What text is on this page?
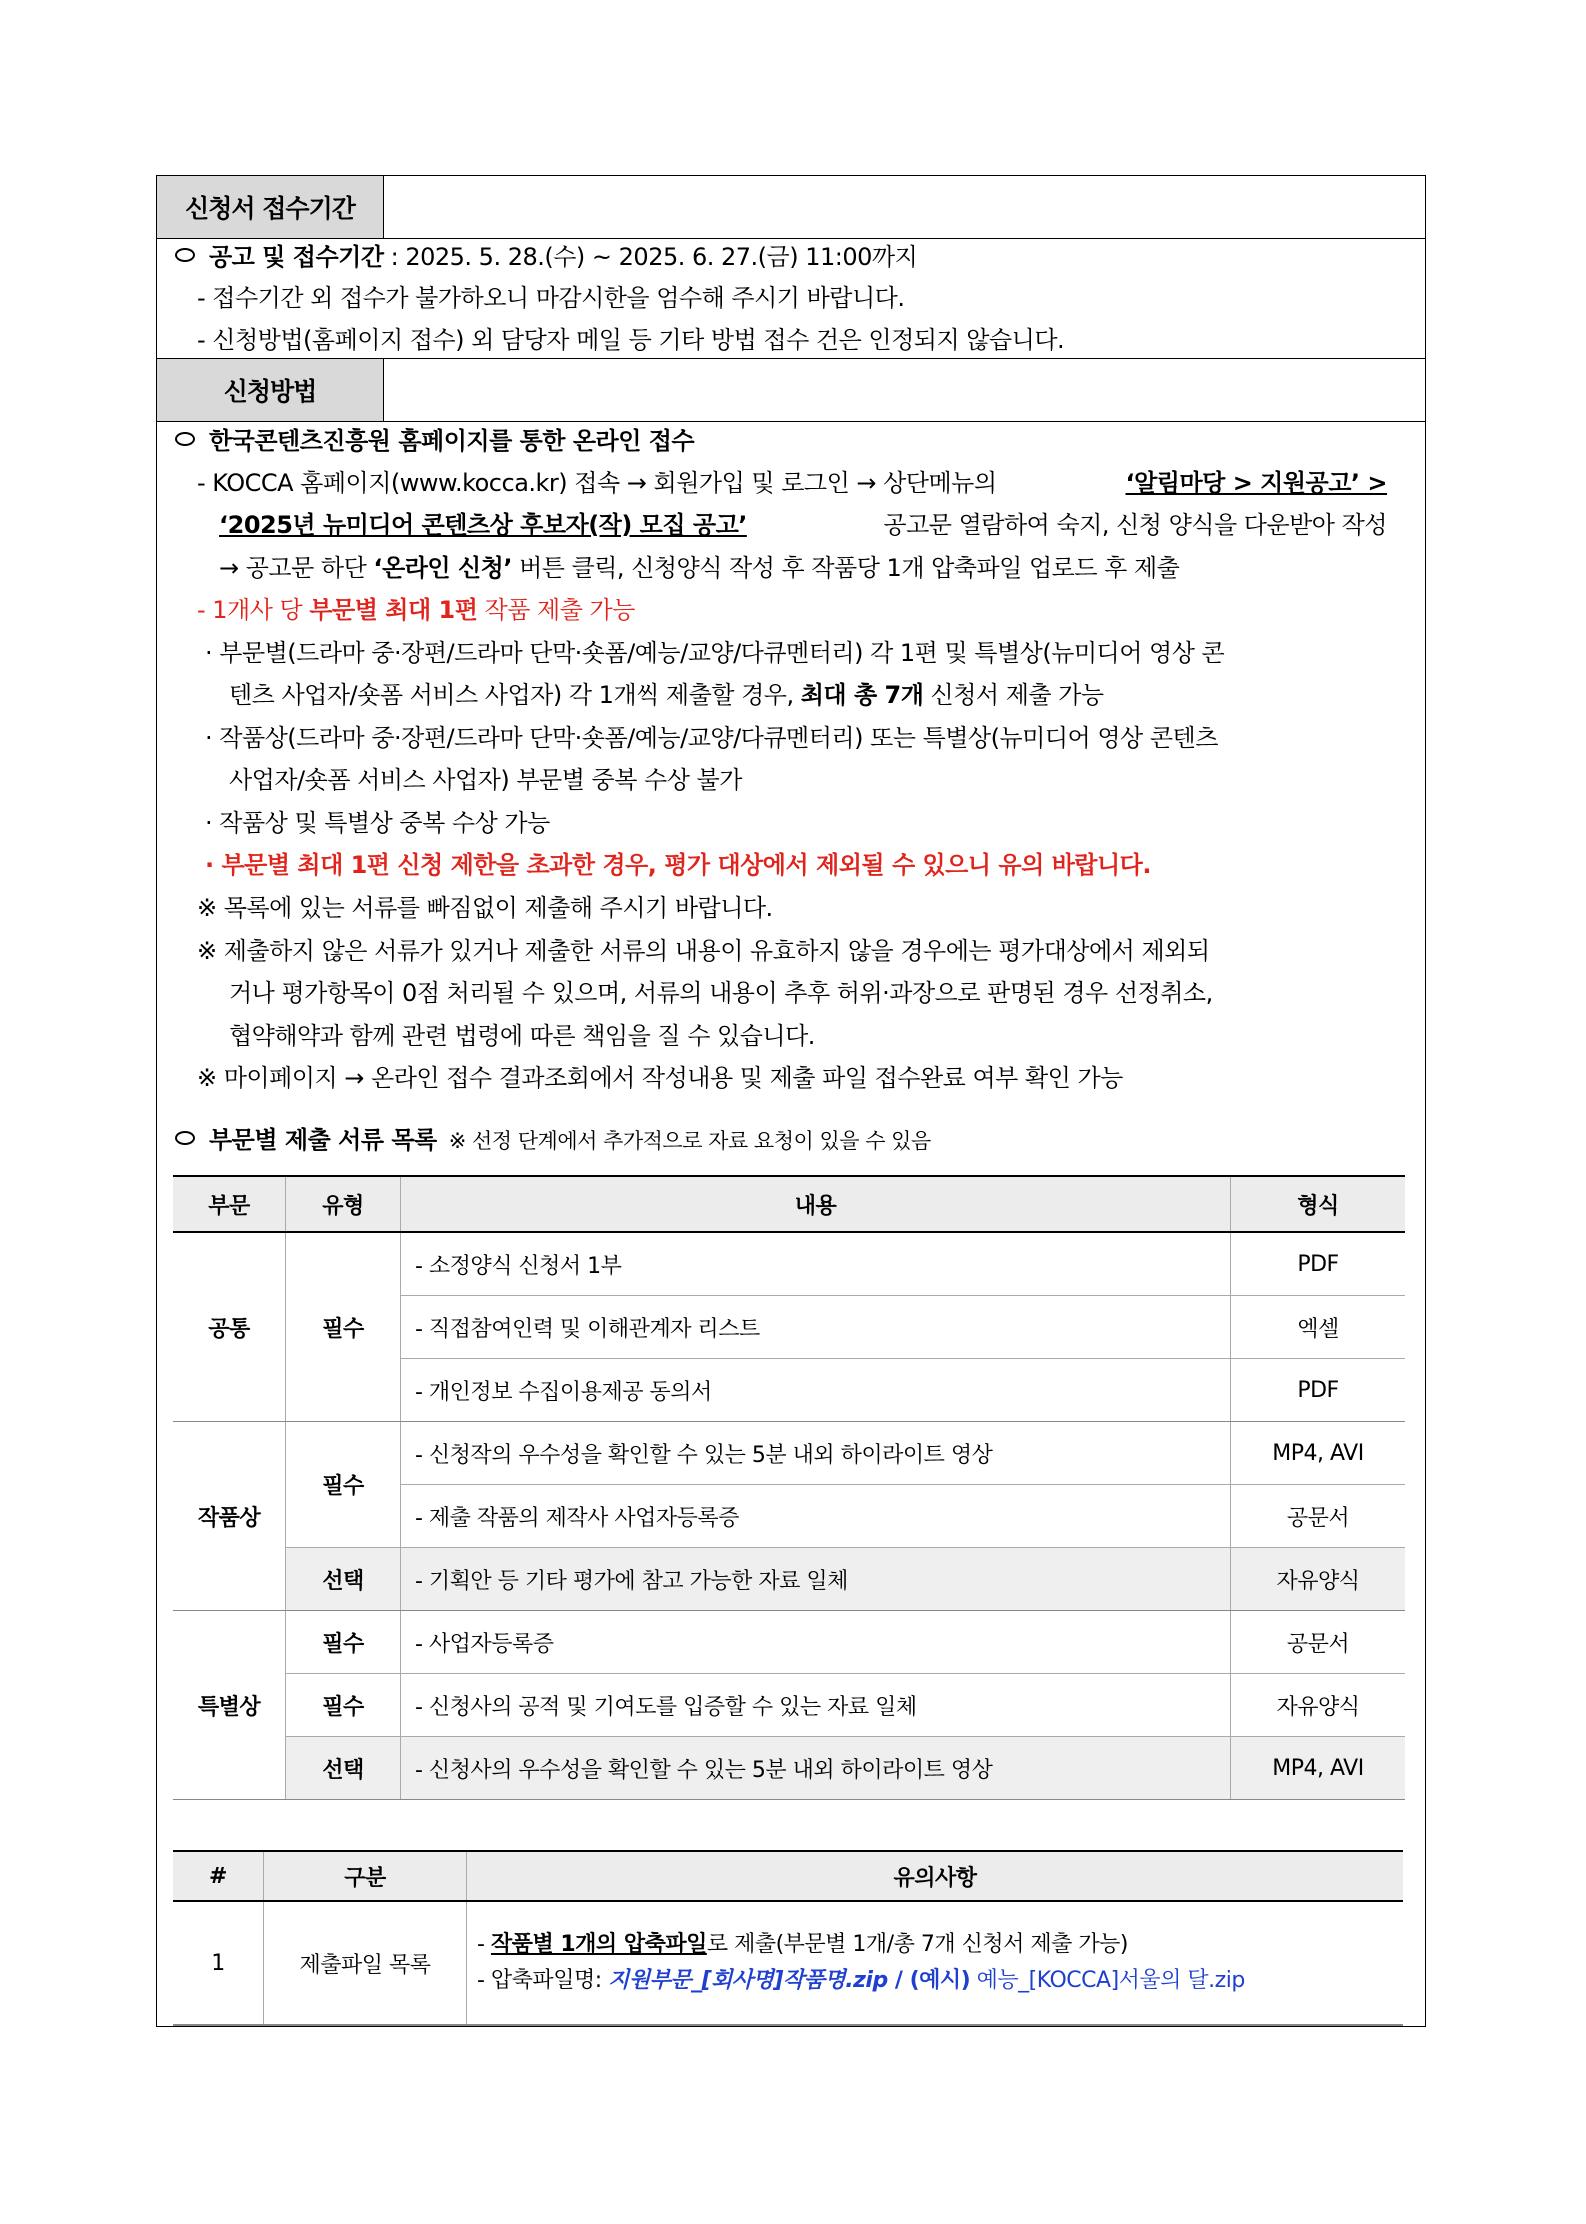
신청서 접수기간
공고 및 접수기간 : 2025. 5. 28.(수) ~ 2025. 6. 27.(금) 11:00까지
- 접수기간 외 접수가 불가하오니 마감시한을 엄수해 주시기 바랍니다.
- 신청방법(홈페이지 접수) 외 담당자 메일 등 기타 방법 접수 건은 인정되지 않습니다.
신청방법
한국콘텐츠진흥원 홈페이지를 통한 온라인 접수
- KOCCA 홈페이지(www.kocca.kr) 접속 → 회원가입 및 로그인 → 상단메뉴의	‘알림마당 > 지원공고’ >
‘2025년 뉴미디어 콘텐츠상 후보자(작) 모집 공고’	공고문 열람하여 숙지, 신청 양식을 다운받아 작성
→ 공고문 하단 ‘온라인 신청’ 버튼 클릭, 신청양식 작성 후 작품당 1개 압축파일 업로드 후 제출
- 1개사 당 부문별 최대 1편 작품 제출 가능
· 부문별(드라마 중·장편/드라마 단막·숏폼/예능/교양/다큐멘터리) 각 1편 및 특별상(뉴미디어 영상 콘
텐츠 사업자/숏폼 서비스 사업자) 각 1개씩 제출할 경우, 최대 총 7개 신청서 제출 가능
· 작품상(드라마 중·장편/드라마 단막·숏폼/예능/교양/다큐멘터리) 또는 특별상(뉴미디어 영상 콘텐츠
사업자/숏폼 서비스 사업자) 부문별 중복 수상 불가
· 작품상 및 특별상 중복 수상 가능
· 부문별 최대 1편 신청 제한을 초과한 경우, 평가 대상에서 제외될 수 있으니 유의 바랍니다.
※ 목록에 있는 서류를 빠짐없이 제출해 주시기 바랍니다.
※ 제출하지 않은 서류가 있거나 제출한 서류의 내용이 유효하지 않을 경우에는 평가대상에서 제외되
거나 평가항목이 0점 처리될 수 있으며, 서류의 내용이 추후 허위·과장으로 판명된 경우 선정취소,
협약해약과 함께 관련 법령에 따른 책임을 질 수 있습니다.
※ 마이페이지 → 온라인 접수 결과조회에서 작성내용 및 제출 파일 접수완료 여부 확인 가능
부문별 제출 서류 목록 ※ 선정 단계에서 추가적으로 자료 요청이 있을 수 있음
부문	유형	내용	형식
공통	필수	- 소정양식 신청서 1부	PDF
		- 직접참여인력 및 이해관계자 리스트	엑셀
		- 개인정보 수집이용제공 동의서	PDF
작품상	필수	- 신청작의 우수성을 확인할 수 있는 5분 내외 하이라이트 영상	MP4, AVI
		- 제출 작품의 제작사 사업자등록증	공문서
	선택	- 기획안 등 기타 평가에 참고 가능한 자료 일체	자유양식
특별상	필수	- 사업자등록증	공문서
	필수	- 신청사의 공적 및 기여도를 입증할 수 있는 자료 일체	자유양식
	선택	- 신청사의 우수성을 확인할 수 있는 5분 내외 하이라이트 영상	MP4, AVI
#	구분	유의사항
1	제출파일 목록	- 작품별 1개의 압축파일로 제출(부문별 1개/총 7개 신청서 제출 가능)
- 압축파일명: 지원부문_[회사명]작품명.zip / (예시) 예능_[KOCCA]서울의 달.zip
